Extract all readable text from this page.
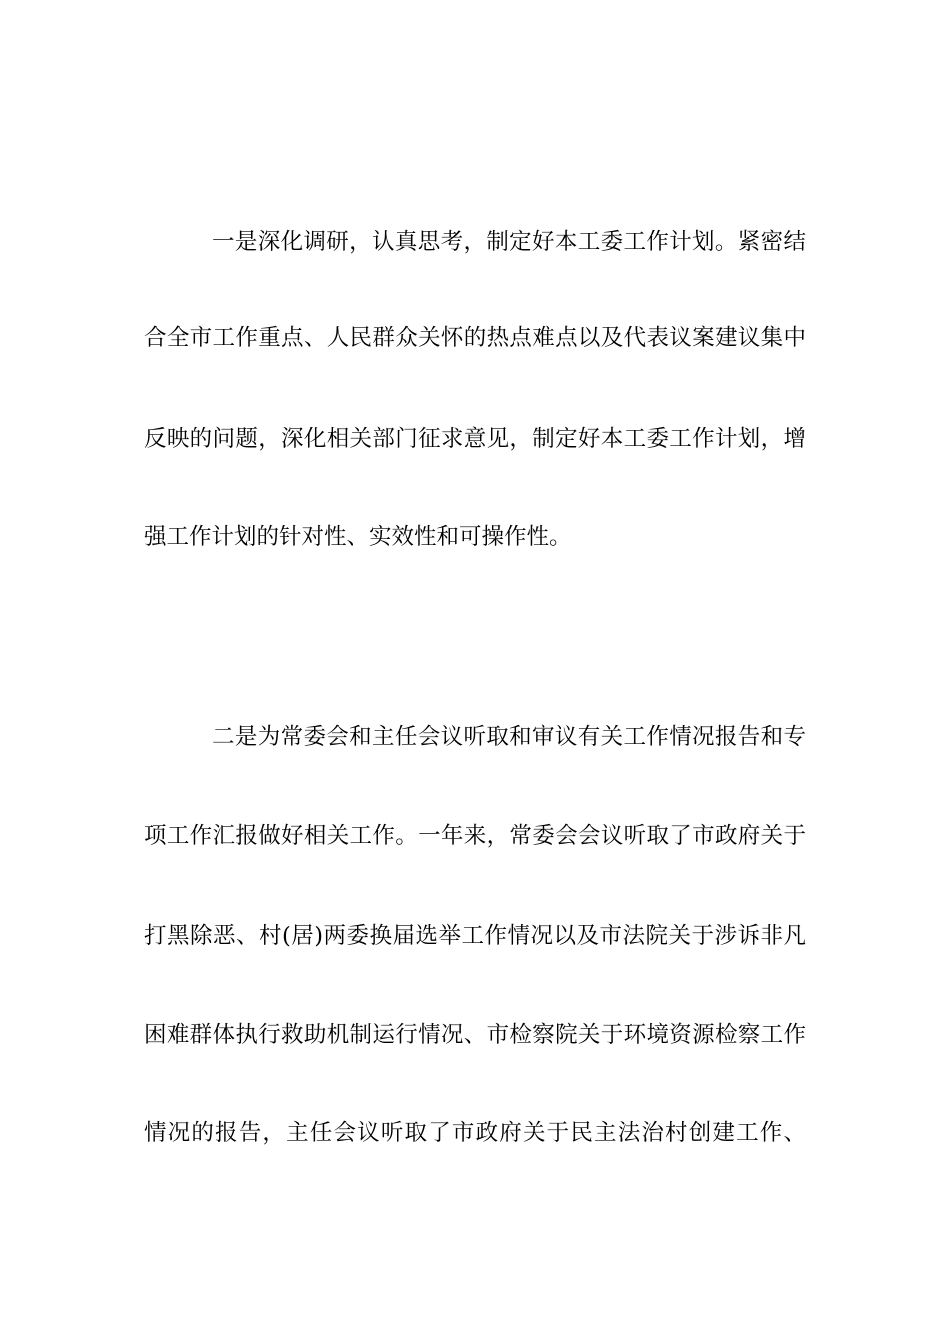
一是深化调研，认真思考，制定好本工委工作计划。紧密结
合全市工作重点、人民群众关怀的热点难点以及代表议案建议集中
反映的问题，深化相关部门征求意见，制定好本工委工作计划，增
强工作计划的针对性、实效性和可操作性。
二是为常委会和主任会议听取和审议有关工作情况报告和专
项工作汇报做好相关工作。一年来，常委会会议听取了市政府关于
打黑除恶、村(居)两委换届选举工作情况以及市法院关于涉诉非凡
困难群体执行救助机制运行情况、市检察院关于环境资源检察工作
情况的报告，主任会议听取了市政府关于民主法治村创建工作、
